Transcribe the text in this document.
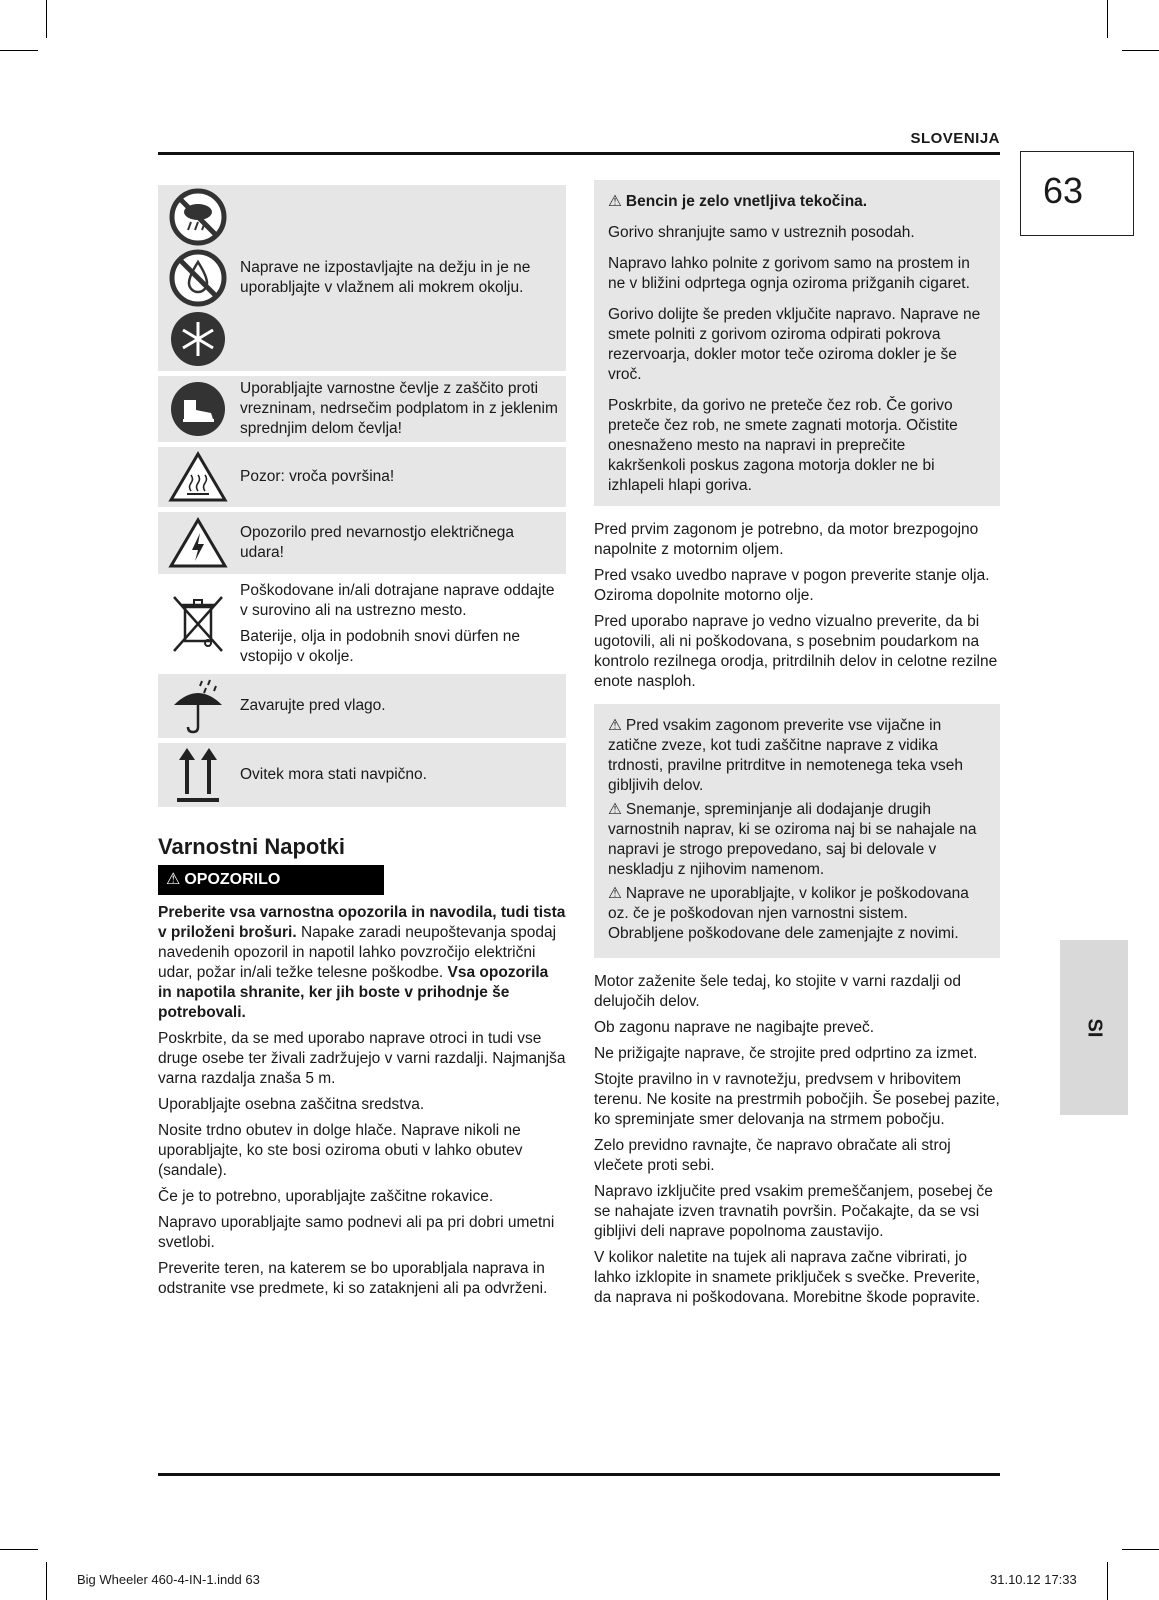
SLOVENIJA
63
SI

Naprave ne izpostavljajte na dežju in je ne uporabljajte v vlažnem ali mokrem okolju.

Uporabljajte varnostne čevlje z zaščito proti vrezninam, nedrsečim podplatom in z jeklenim sprednjim delom čevlja!

Pozor: vroča površina!

Opozorilo pred nevarnostjo električnega udara!

Poškodovane in/ali dotrajane naprave oddajte v surovino ali na ustrezno mesto.

Baterije, olja in podobnih snovi dürfen ne vstopijo v okolje.

Zavarujte pred vlago.

Ovitek mora stati navpično.

Varnostni Napotki
⚠ OPOZORILO

Preberite vsa varnostna opozorila in navodila, tudi tista v priloženi brošuri. Napake zaradi neupoštevanja spodaj navedenih opozoril in napotil lahko povzročijo električni udar, požar in/ali težke telesne poškodbe. Vsa opozorila in napotila shranite, ker jih boste v prihodnje še potrebovali.

Poskrbite, da se med uporabo naprave otroci in tudi vse druge osebe ter živali zadržujejo v varni razdalji. Najmanjša varna razdalja znaša 5 m.

Uporabljajte osebna zaščitna sredstva.

Nosite trdno obutev in dolge hlače. Naprave nikoli ne uporabljajte, ko ste bosi oziroma obuti v lahko obutev (sandale).

Če je to potrebno, uporabljajte zaščitne rokavice.

Napravo uporabljajte samo podnevi ali pa pri dobri umetni svetlobi.

Preverite teren, na katerem se bo uporabljala naprava in odstranite vse predmete, ki so zataknjeni ali pa odvrženi.

⚠ Bencin je zelo vnetljiva tekočina.

Gorivo shranjujte samo v ustreznih posodah.

Napravo lahko polnite z gorivom samo na prostem in ne v bližini odprtega ognja oziroma prižganih cigaret.

Gorivo dolijte še preden vključite napravo. Naprave ne smete polniti z gorivom oziroma odpirati pokrova rezervoarja, dokler motor teče oziroma dokler je še vroč.

Poskrbite, da gorivo ne preteče čez rob. Če gorivo preteče čez rob, ne smete zagnati motorja. Očistite onesnaženo mesto na napravi in preprečite kakršenkoli poskus zagona motorja dokler ne bi izhlapeli hlapi goriva.

Pred prvim zagonom je potrebno, da motor brezpogojno napolnite z motornim oljem.

Pred vsako uvedbo naprave v pogon preverite stanje olja. Oziroma dopolnite motorno olje.

Pred uporabo naprave jo vedno vizualno preverite, da bi ugotovili, ali ni poškodovana, s posebnim poudarkom na kontrolo rezilnega orodja, pritrdilnih delov in celotne rezilne enote nasploh.

⚠ Pred vsakim zagonom preverite vse vijačne in zatične zveze, kot tudi zaščitne naprave z vidika trdnosti, pravilne pritrditve in nemotenega teka vseh gibljivih delov.

⚠ Snemanje, spreminjanje ali dodajanje drugih varnostnih naprav, ki se oziroma naj bi se nahajale na napravi je strogo prepovedano, saj bi delovale v neskladju z njihovim namenom.

⚠ Naprave ne uporabljajte, v kolikor je poškodovana oz. če je poškodovan njen varnostni sistem. Obrabljene poškodovane dele zamenjajte z novimi.

Motor zaženite šele tedaj, ko stojite v varni razdalji od delujočih delov.

Ob zagonu naprave ne nagibajte preveč.

Ne prižigajte naprave, če strojite pred odprtino za izmet.

Stojte pravilno in v ravnotežju, predvsem v hribovitem terenu. Ne kosite na prestrmih pobočjih. Še posebej pazite, ko spreminjate smer delovanja na strmem pobočju.

Zelo previdno ravnajte, če napravo obračate ali stroj vlečete proti sebi.

Napravo izključite pred vsakim premeščanjem, posebej če se nahajate izven travnatih površin. Počakajte, da se vsi gibljivi deli naprave popolnoma zaustavijo.

V kolikor naletite na tujek ali naprava začne vibrirati, jo lahko izklopite in snamete priključek s svečke. Preverite, da naprava ni poškodovana. Morebitne škode popravite.

Big Wheeler 460-4-IN-1.indd 63	31.10.12 17:33
